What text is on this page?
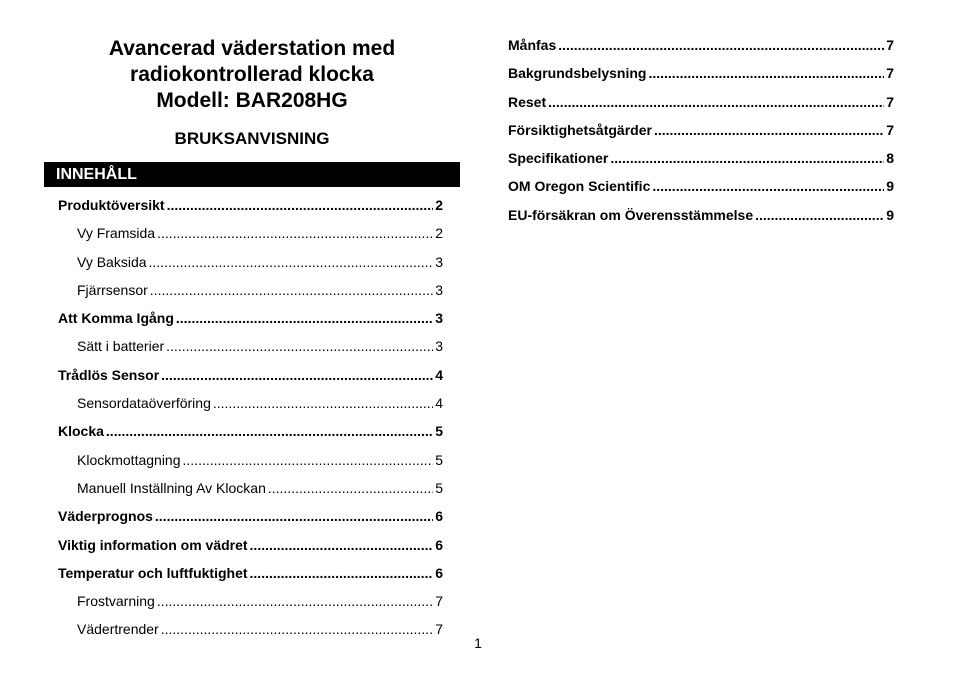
Avancerad väderstation med
radiokontrollerad klocka
Modell: BAR208HG
BRUKSANVISNING
INNEHÅLL
Produktöversikt .....	2
Vy Framsida .....	2
Vy Baksida .....	3
Fjärrsensor .....	3
Att Komma Igång .....	3
Sätt i batterier .....	3
Trådlös Sensor .....	4
Sensordataöverföring .....	4
Klocka .....	5
Klockmottagning .....	5
Manuell Inställning Av Klockan .....	5
Väderprognos .....	6
Viktig information om vädret .....	6
Temperatur och luftfuktighet .....	6
Frostvarning .....	7
Vädertrender .....	7
Månfas .....	7
Bakgrundsbelysning .....	7
Reset .....	7
Försiktighetsåtgärder .....	7
Specifikationer .....	8
OM Oregon Scientific .....	9
EU-försäkran om Överensstämmelse .....	9
1
